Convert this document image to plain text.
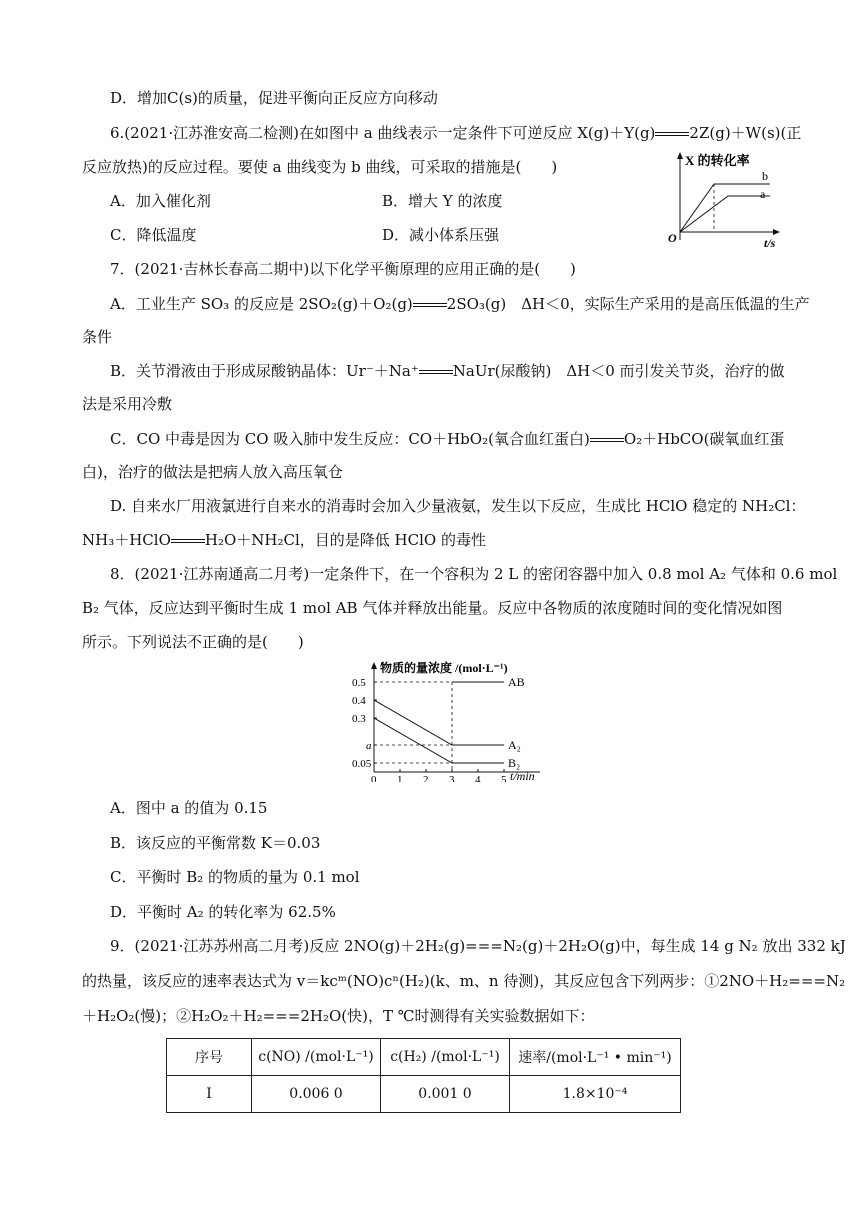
D．增加C(s)的质量，促进平衡向正反应方向移动
6.(2021·江苏淮安高二检测)在如图中 a 曲线表示一定条件下可逆反应 X(g)＋Y(g) 2Z(g)＋W(s)(正
反应放热)的反应过程。要使 a 曲线变为 b 曲线，可采取的措施是(　　)
A．加入催化剂	B．增大 Y 的浓度
C．降低温度	D．减小体系压强
X 的转化率
t/s
O
b
a
7．(2021·吉林长春高二期中)以下化学平衡原理的应用正确的是(　　)
A．工业生产 SO₃ 的反应是 2SO₂(g)＋O₂(g) 2SO₃(g)　ΔH＜0，实际生产采用的是高压低温的生产
条件
B．关节滑液由于形成尿酸钠晶体：Ur⁻＋Na⁺ NaUr(尿酸钠)　ΔH＜0 而引发关节炎，治疗的做
法是采用冷敷
C．CO 中毒是因为 CO 吸入肺中发生反应：CO＋HbO₂(氧合血红蛋白) O₂＋HbCO(碳氧血红蛋
白)，治疗的做法是把病人放入高压氧仓
D. 自来水厂用液氯进行自来水的消毒时会加入少量液氨，发生以下反应，生成比 HClO 稳定的 NH₂Cl：
NH₃＋HClO H₂O＋NH₂Cl，目的是降低 HClO 的毒性
8．(2021·江苏南通高二月考)一定条件下，在一个容积为 2 L 的密闭容器中加入 0.8 mol A₂ 气体和 0.6 mol
B₂ 气体，反应达到平衡时生成 1 mol AB 气体并释放出能量。反应中各物质的浓度随时间的变化情况如图
所示。下列说法不正确的是(　　)
物质的量浓度 /(mol·L⁻¹)
t/min
0 1 2 3 4 5
0.5
0.4
0.3
a
0.05
AB
A₂
B₂
A．图中 a 的值为 0.15
B．该反应的平衡常数 K＝0.03
C．平衡时 B₂ 的物质的量为 0.1 mol
D．平衡时 A₂ 的转化率为 62.5%
9．(2021·江苏苏州高二月考)反应 2NO(g)＋2H₂(g)===N₂(g)＋2H₂O(g)中，每生成 14 g N₂ 放出 332 kJ
的热量，该反应的速率表达式为 v＝kcᵐ(NO)cⁿ(H₂)(k、m、n 待测)，其反应包含下列两步：①2NO＋H₂===N₂
＋H₂O₂(慢)；②H₂O₂＋H₂===2H₂O(快)，T ℃时测得有关实验数据如下：
序号	c(NO) /(mol·L⁻¹)	c(H₂) /(mol·L⁻¹)	速率/(mol·L⁻¹ • min⁻¹)
Ⅰ	0.006 0	0.001 0	1.8×10⁻⁴
